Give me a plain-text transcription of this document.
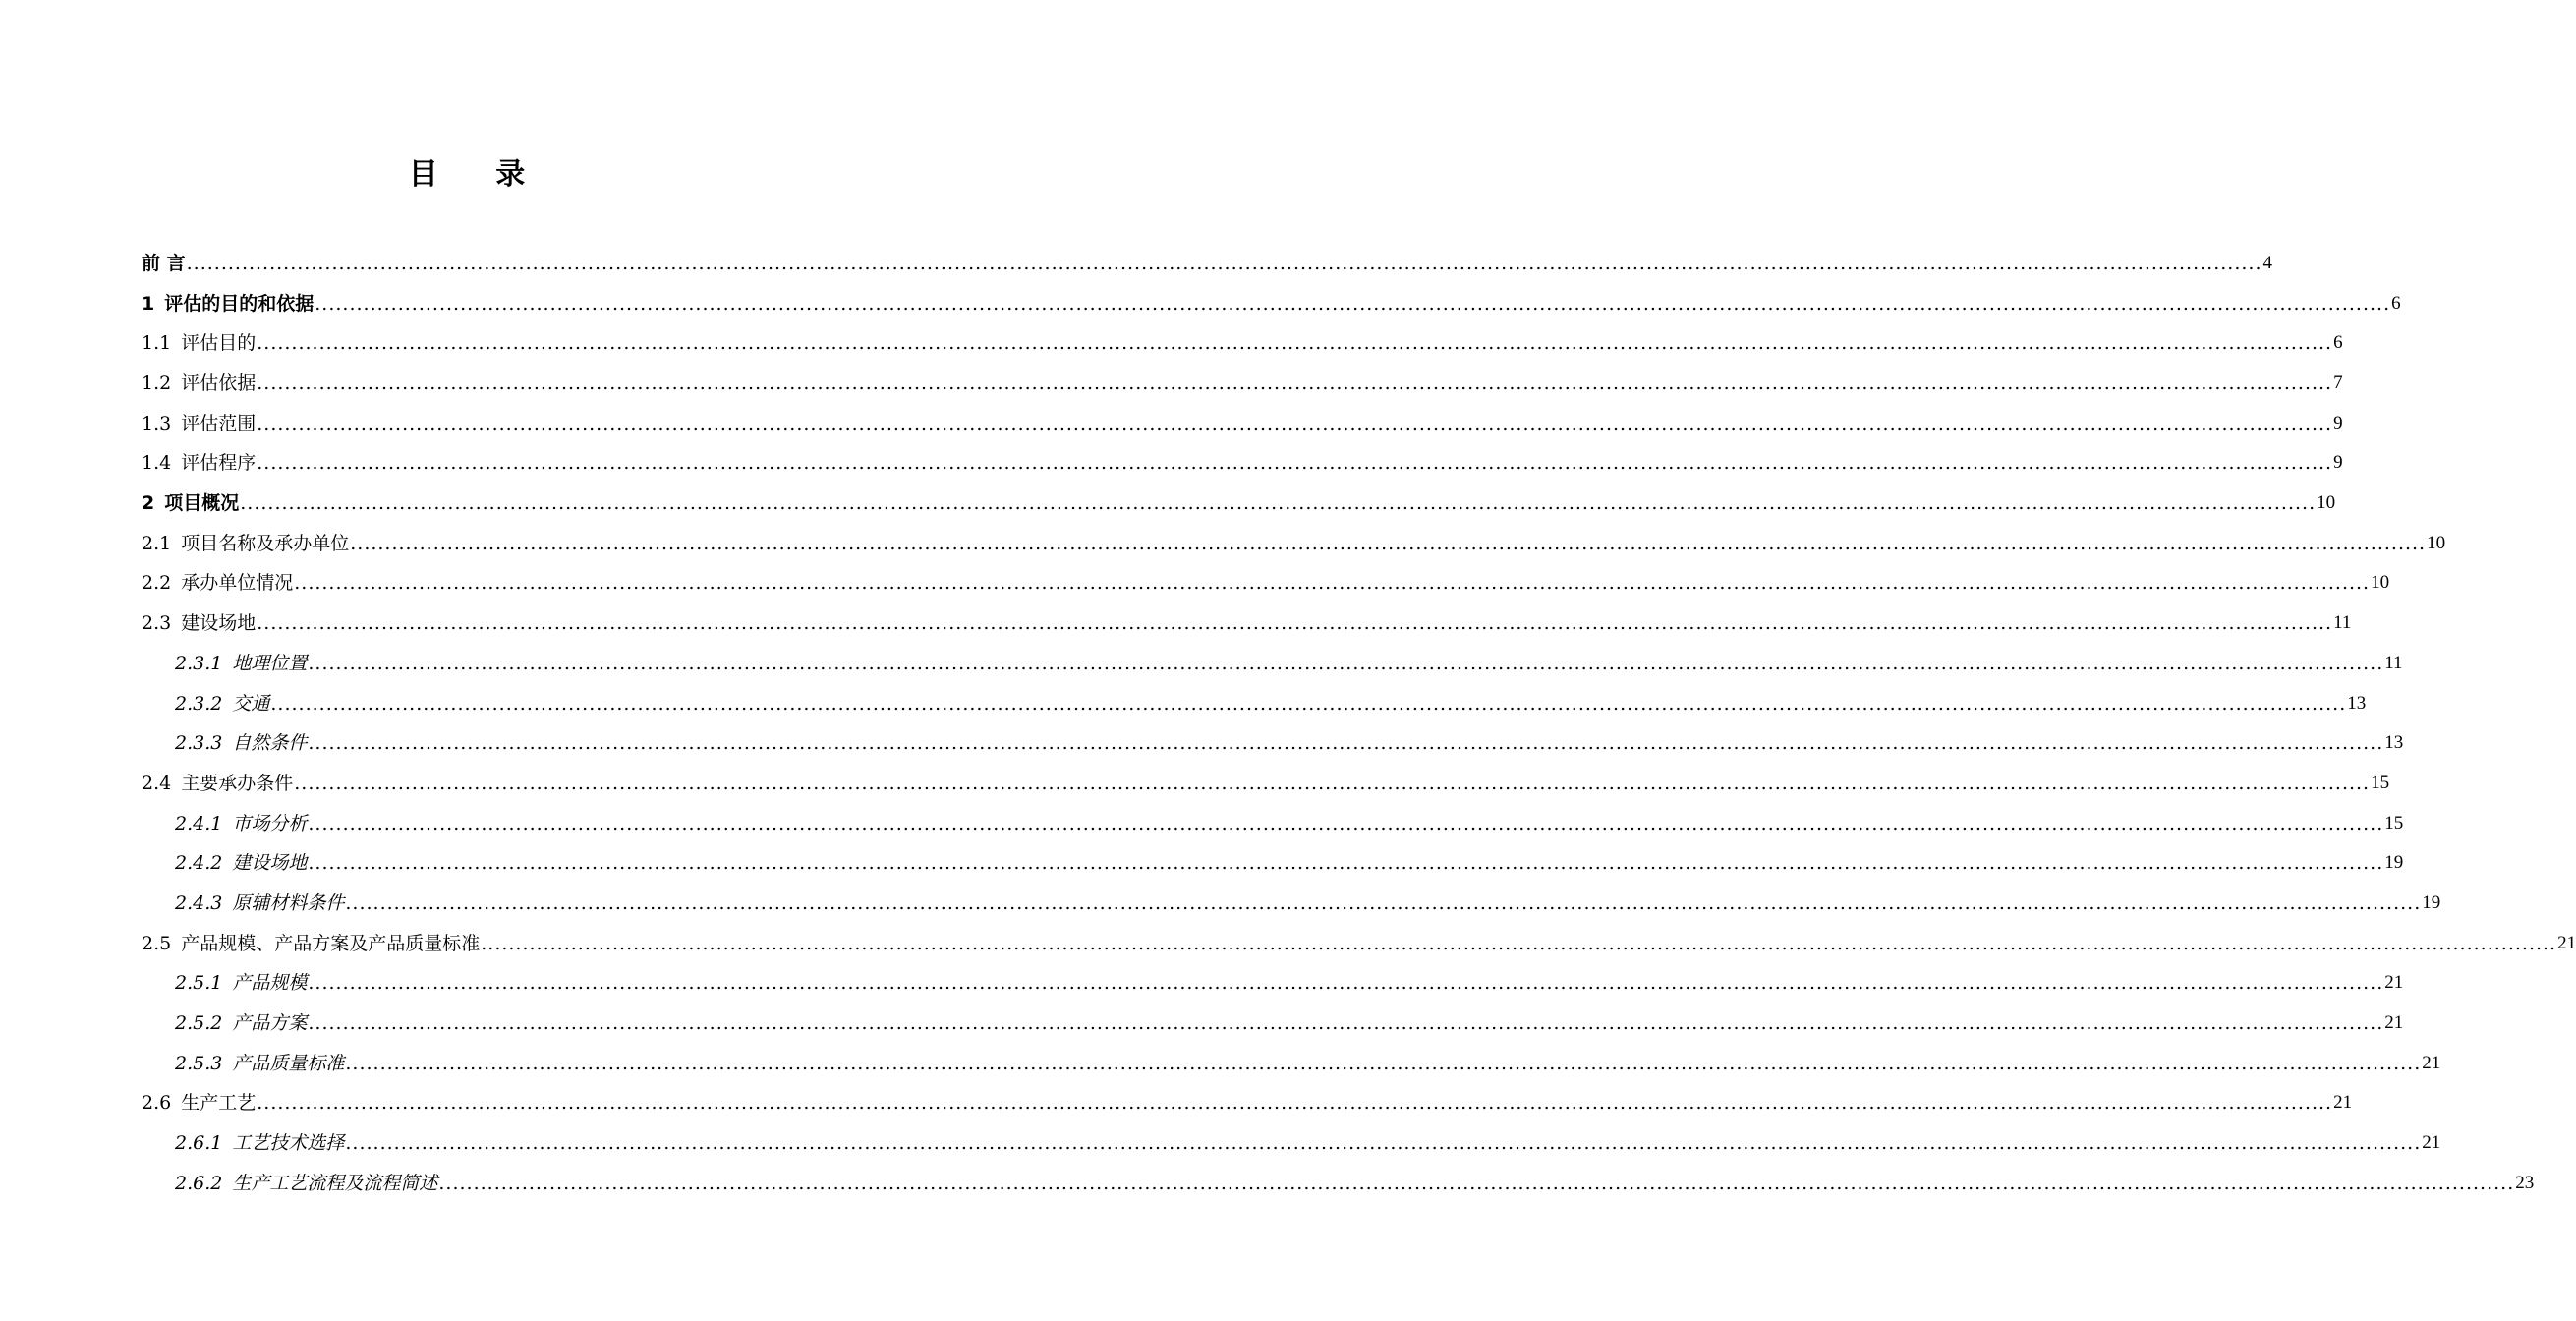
目 录
前 言 ............................................................................................................................................................................................................................................................................................................ 4
1 评估的目的和依据 ............................................................................................................................................................................................................................................................................................................ 6
1.1 评估目的 ............................................................................................................................................................................................................................................................................................................ 6
1.2 评估依据 ............................................................................................................................................................................................................................................................................................................ 7
1.3 评估范围 ............................................................................................................................................................................................................................................................................................................ 9
1.4 评估程序 ............................................................................................................................................................................................................................................................................................................ 9
2 项目概况 ............................................................................................................................................................................................................................................................................................................ 10
2.1 项目名称及承办单位 ............................................................................................................................................................................................................................................................................................................ 10
2.2 承办单位情况 ............................................................................................................................................................................................................................................................................................................ 10
2.3 建设场地 ............................................................................................................................................................................................................................................................................................................ 11
2.3.1 地理位置 ............................................................................................................................................................................................................................................................................................................ 11
2.3.2 交通 ............................................................................................................................................................................................................................................................................................................ 13
2.3.3 自然条件 ............................................................................................................................................................................................................................................................................................................ 13
2.4 主要承办条件 ............................................................................................................................................................................................................................................................................................................ 15
2.4.1 市场分析 ............................................................................................................................................................................................................................................................................................................ 15
2.4.2 建设场地 ............................................................................................................................................................................................................................................................................................................ 19
2.4.3 原辅材料条件 ............................................................................................................................................................................................................................................................................................................ 19
2.5 产品规模、产品方案及产品质量标准 ............................................................................................................................................................................................................................................................................................................ 21
2.5.1 产品规模 ............................................................................................................................................................................................................................................................................................................ 21
2.5.2 产品方案 ............................................................................................................................................................................................................................................................................................................ 21
2.5.3 产品质量标准 ............................................................................................................................................................................................................................................................................................................ 21
2.6 生产工艺 ............................................................................................................................................................................................................................................................................................................ 21
2.6.1 工艺技术选择 ............................................................................................................................................................................................................................................................................................................ 21
2.6.2 生产工艺流程及流程简述 ............................................................................................................................................................................................................................................................................................................ 23
